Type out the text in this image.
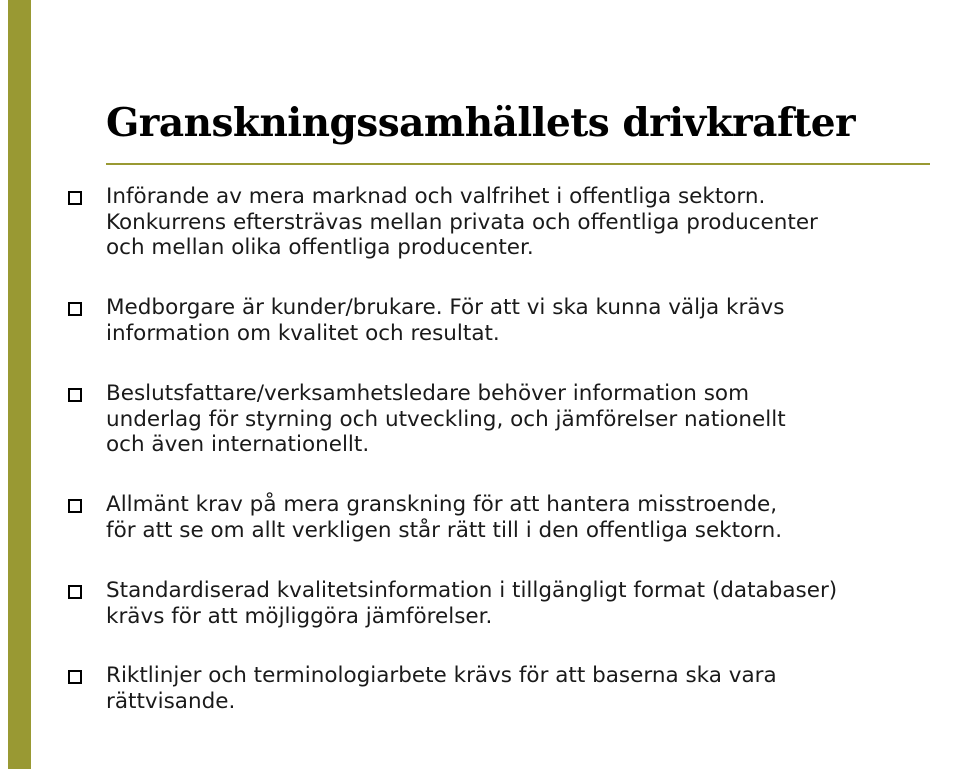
Granskningssamhällets drivkrafter

Införande av mera marknad och valfrihet i offentliga sektorn.
Konkurrens eftersträvas mellan privata och offentliga producenter
och mellan olika offentliga producenter.

Medborgare är kunder/brukare. För att vi ska kunna välja krävs
information om kvalitet och resultat.

Beslutsfattare/verksamhetsledare behöver information som
underlag för styrning och utveckling, och jämförelser nationellt
och även internationellt.

Allmänt krav på mera granskning för att hantera misstroende,
för att se om allt verkligen står rätt till i den offentliga sektorn.

Standardiserad kvalitetsinformation i tillgängligt format (databaser)
krävs för att möjliggöra jämförelser.

Riktlinjer och terminologiarbete krävs för att baserna ska vara
rättvisande.
